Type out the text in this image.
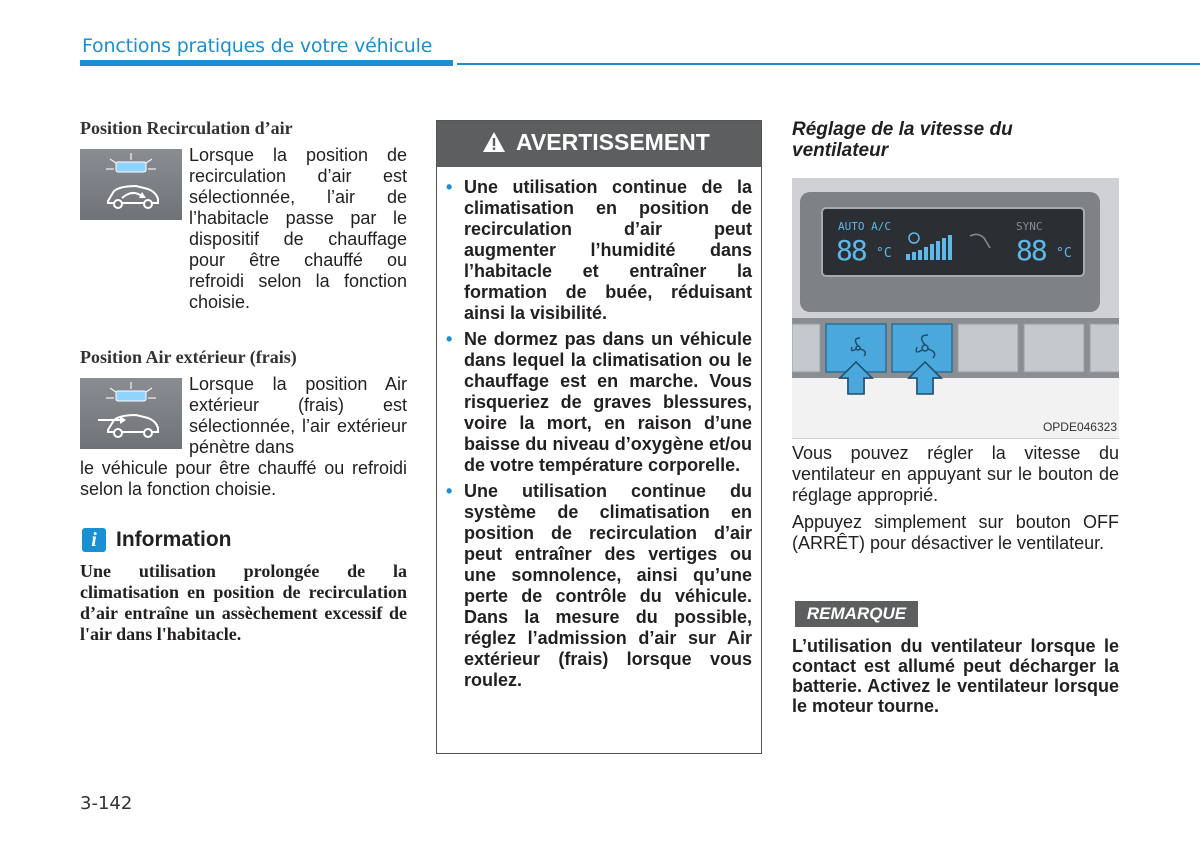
Fonctions pratiques de votre véhicule
Position Recirculation d’air
Lorsque la position de recirculation d’air est sélectionnée, l’air de l’habitacle passe par le dispositif de chauffage pour être chauffé ou refroidi selon la fonction choisie.
Position Air extérieur (frais)
Lorsque la position Air extérieur (frais) est sélectionnée, l’air extérieur pénètre dans
le véhicule pour être chauffé ou refroidi selon la fonction choisie.
i Information
Une utilisation prolongée de la climatisation en position de recirculation d’air entraîne un assèchement excessif de l'air dans l'habitacle.
AVERTISSEMENT
• Une utilisation continue de la climatisation en position de recirculation d’air peut augmenter l’humidité dans l’habitacle et entraîner la formation de buée, réduisant ainsi la visibilité.
• Ne dormez pas dans un véhicule dans lequel la climatisation ou le chauffage est en marche. Vous risqueriez de graves blessures, voire la mort, en raison d’une baisse du niveau d’oxygène et/ou de votre température corporelle.
• Une utilisation continue du système de climatisation en position de recirculation d’air peut entraîner des vertiges ou une somnolence, ainsi qu’une perte de contrôle du véhicule. Dans la mesure du possible, réglez l’admission d’air sur Air extérieur (frais) lorsque vous roulez.
Réglage de la vitesse du ventilateur
AUTO A/C	SYNC
88 °C	88 °C
OPDE046323
Vous pouvez régler la vitesse du ventilateur en appuyant sur le bouton de réglage approprié.
Appuyez simplement sur bouton OFF (ARRÊT) pour désactiver le ventilateur.
REMARQUE
L’utilisation du ventilateur lorsque le contact est allumé peut décharger la batterie. Activez le ventilateur lorsque le moteur tourne.
3-142
